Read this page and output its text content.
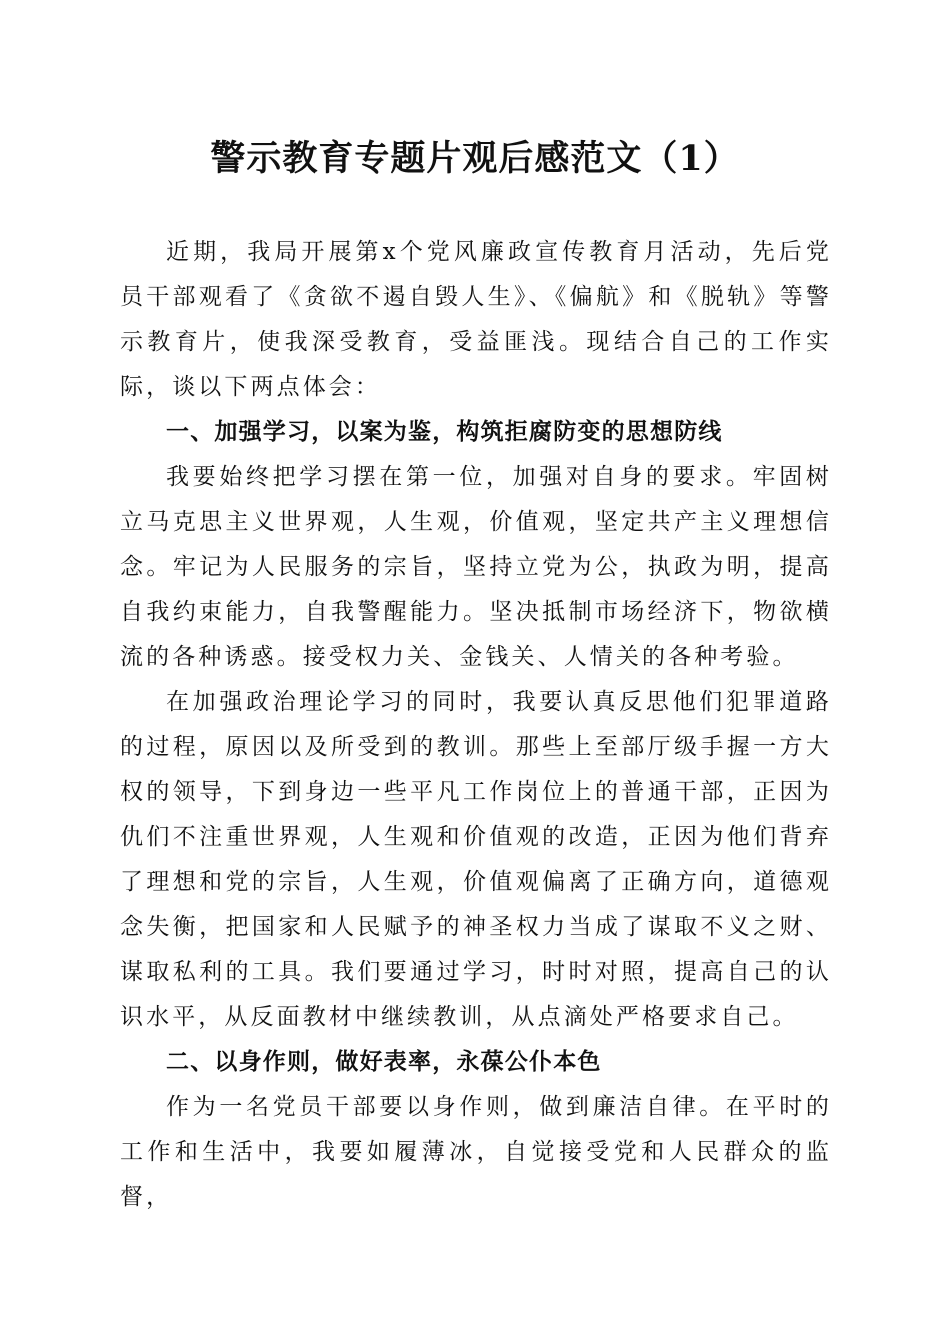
警示教育专题片观后感范文（1）

近期，我局开展第x个党风廉政宣传教育月活动，先后党员干部观看了《贪欲不遏自毁人生》、《偏航》和《脱轨》等警示教育片，使我深受教育，受益匪浅。现结合自己的工作实际，谈以下两点体会：

一、加强学习，以案为鉴，构筑拒腐防变的思想防线

我要始终把学习摆在第一位，加强对自身的要求。牢固树立马克思主义世界观，人生观，价值观，坚定共产主义理想信念。牢记为人民服务的宗旨，坚持立党为公，执政为明，提高自我约束能力，自我警醒能力。坚决抵制市场经济下，物欲横流的各种诱惑。接受权力关、金钱关、人情关的各种考验。

在加强政治理论学习的同时，我要认真反思他们犯罪道路的过程，原因以及所受到的教训。那些上至部厅级手握一方大权的领导，下到身边一些平凡工作岗位上的普通干部，正因为仇们不注重世界观，人生观和价值观的改造，正因为他们背弃了理想和党的宗旨，人生观，价值观偏离了正确方向，道德观念失衡，把国家和人民赋予的神圣权力当成了谋取不义之财、谋取私利的工具。我们要通过学习，时时对照，提高自己的认识水平，从反面教材中继续教训，从点滴处严格要求自己。

二、以身作则，做好表率，永葆公仆本色

作为一名党员干部要以身作则，做到廉洁自律。在平时的工作和生活中，我要如履薄冰，自觉接受党和人民群众的监督，
